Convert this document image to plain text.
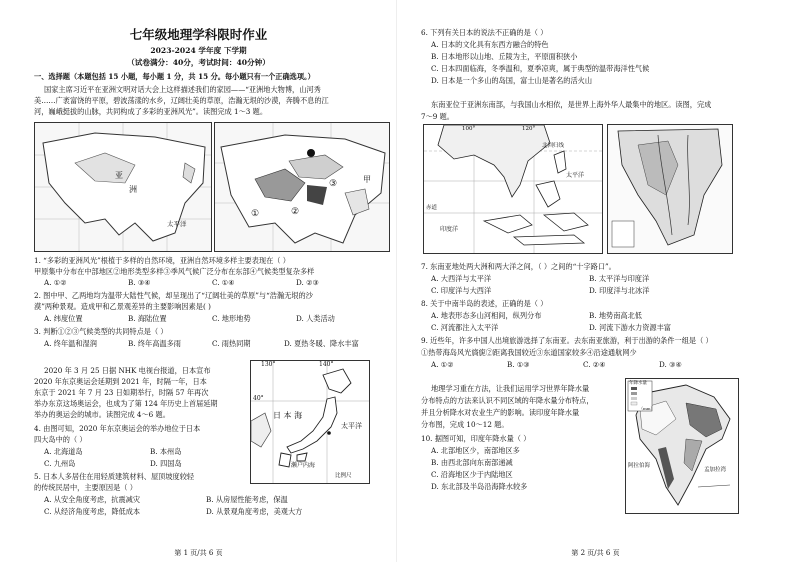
七年级地理学科限时作业
2023-2024 学年度 下学期
（试卷满分：40分，考试时间：40分钟）
一、选择题（本题包括 15 小题，每小题 1 分，共 15 分。每小题只有一个正确选项。）
国家主席习近平在亚洲文明对话大会上这样描述我们的家园——“亚洲地大物博，山河秀
美……广袤富饶的平原，碧波荡漾的水乡，辽阔壮美的草原，浩瀚无垠的沙漠，奔腾不息的江
河，巍峨挺拔的山脉，共同构成了多彩的亚洲风光”。读图完成 1～3 题。
亚
洲
太平洋
甲
①	②
③
1. “多彩的亚洲风光”根植于多样的自然环境，亚洲自然环境多样主要表现在（ ）
甲原集中分布在中部地区②地形类型多样③季风气候广泛分布在东部④气候类型复杂多样
A. ①②	B. ③④	C. ①④	D. ②③
2. 图中甲、乙两地均为温带大陆性气候，却呈现出了“辽阔壮美的草原”与“浩瀚无垠的沙
漠”两种景观。造成甲和乙景观差异的主要影响因素是( )
A. 纬度位置	B. 海陆位置	C. 地形地势	D. 人类活动
3. 判断①②③气候类型的共同特点是（ ）
A. 终年温和湿润	B. 终年高温多雨	C. 雨热同期	D. 夏热冬暖、降水丰富
2020 年 3 月 25 日据 NHK 电视台报道，日本宣布
2020 年东京奥运会延期到 2021 年，时隔一年，日本
东京于 2021 年 7 月 23 日如期举行，时隔 57 年再次
举办东京这场奥运会，也成为了第 124 年历史上首届延期
举办的奥运会的城市。读图完成 4～6 题。
130°	140°
40°
日 本 海
太平洋
濑户内海
比例尺
4. 由图可知，2020 年东京奥运会的举办地位于日本
四大岛中的（ ）
A. 北海道岛	B. 本州岛
C. 九州岛	D. 四国岛
5. 日本人多居住在用轻质建筑材料、屋顶坡度较轻
的传统民居中，主要原因是（ ）
A. 从安全角度考虑，抗震减灾	B. 从房屋性能考虑，保温
C. 从经济角度考虑，降低成本	D. 从景观角度考虑，美观大方
第 1 页/共 6 页
6. 下列有关日本的说法不正确的是（ ）
A. 日本的文化具有东西方融合的特色
B. 日本地形以山地、丘陵为主，平原面积狭小
C. 日本四面临海，冬季温和，夏季凉爽，属于典型的温带海洋性气候
D. 日本是一个多山的岛国，富士山是著名的活火山
东南亚位于亚洲东南部，与我国山水相依，是世界上海外华人最集中的地区。读图，完成
7～9 题。
北回归线
太平洋
印度洋
赤道
100°	120°
7. 东南亚地处两大洲和两大洋之间，（ ）之间的“十字路口”。
A. 大西洋与太平洋	B. 太平洋与印度洋
C. 印度洋与大西洋	D. 印度洋与北冰洋
8. 关于中南半岛的表述，正确的是（ ）
A. 地表形态多山河相间，纵列分布	B. 地势南高北低
C. 河流都注入太平洋	D. 河流下游水力资源丰富
9. 近些年，许多中国人出境旅游选择了东南亚。去东南亚旅游，利于出游的条件一组是（ ）
①热带海岛风光旖旎②距离我国较近③东道国家较多④沿途通航网少
A. ①②	B. ①③	C. ②④	D. ③④
地理学习重在方法，让我们运用学习世界年降水量
分布特点的方法来认识不同区域的年降水量分布特点，
并且分析降水对农业生产的影响。读印度年降水量
分布图，完成 10～12 题。
10. 据图可知，印度年降水量（ ）
A. 北部地区少，南部地区多
B. 由西北部向东南部递减
C. 沿海地区少于内陆地区
D. 东北部及半岛沿海降水较多
年降水量
（mm）
阿拉伯海
孟加拉湾
第 2 页/共 6 页
